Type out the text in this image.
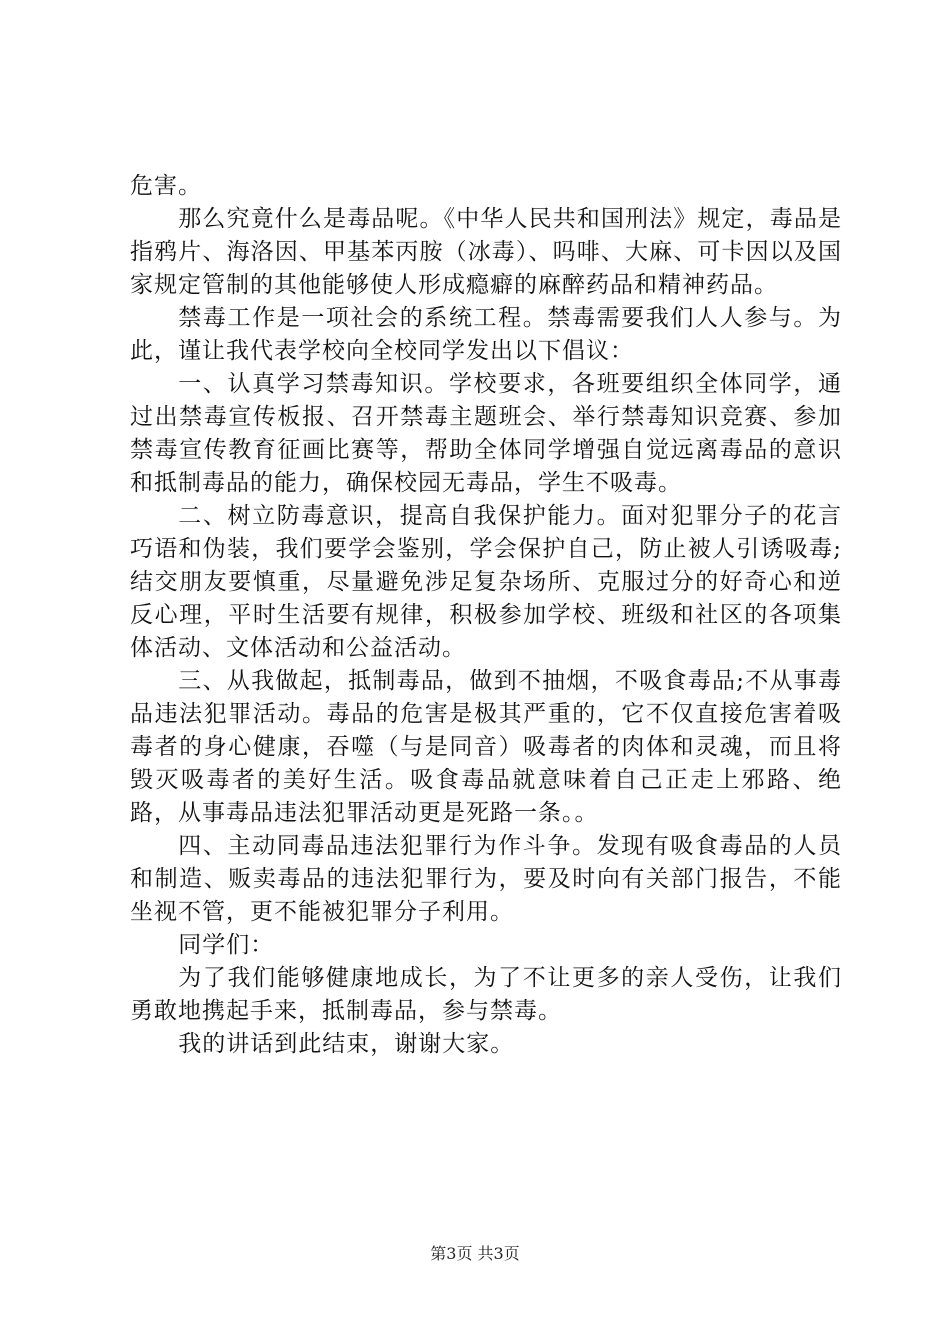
危害。

那么究竟什么是毒品呢。《中华人民共和国刑法》规定，毒品是指鸦片、海洛因、甲基苯丙胺（冰毒）、吗啡、大麻、可卡因以及国家规定管制的其他能够使人形成瘾癖的麻醉药品和精神药品。

禁毒工作是一项社会的系统工程。禁毒需要我们人人参与。为此，谨让我代表学校向全校同学发出以下倡议：

一、认真学习禁毒知识。学校要求，各班要组织全体同学，通过出禁毒宣传板报、召开禁毒主题班会、举行禁毒知识竞赛、参加禁毒宣传教育征画比赛等，帮助全体同学增强自觉远离毒品的意识和抵制毒品的能力，确保校园无毒品，学生不吸毒。

二、树立防毒意识，提高自我保护能力。面对犯罪分子的花言巧语和伪装，我们要学会鉴别，学会保护自己，防止被人引诱吸毒;结交朋友要慎重，尽量避免涉足复杂场所、克服过分的好奇心和逆反心理，平时生活要有规律，积极参加学校、班级和社区的各项集体活动、文体活动和公益活动。

三、从我做起，抵制毒品，做到不抽烟，不吸食毒品;不从事毒品违法犯罪活动。毒品的危害是极其严重的，它不仅直接危害着吸毒者的身心健康，吞噬（与是同音）吸毒者的肉体和灵魂，而且将毁灭吸毒者的美好生活。吸食毒品就意味着自己正走上邪路、绝路，从事毒品违法犯罪活动更是死路一条。。

四、主动同毒品违法犯罪行为作斗争。发现有吸食毒品的人员和制造、贩卖毒品的违法犯罪行为，要及时向有关部门报告，不能坐视不管，更不能被犯罪分子利用。

同学们：

为了我们能够健康地成长，为了不让更多的亲人受伤，让我们勇敢地携起手来，抵制毒品，参与禁毒。

我的讲话到此结束，谢谢大家。

第3页 共3页
